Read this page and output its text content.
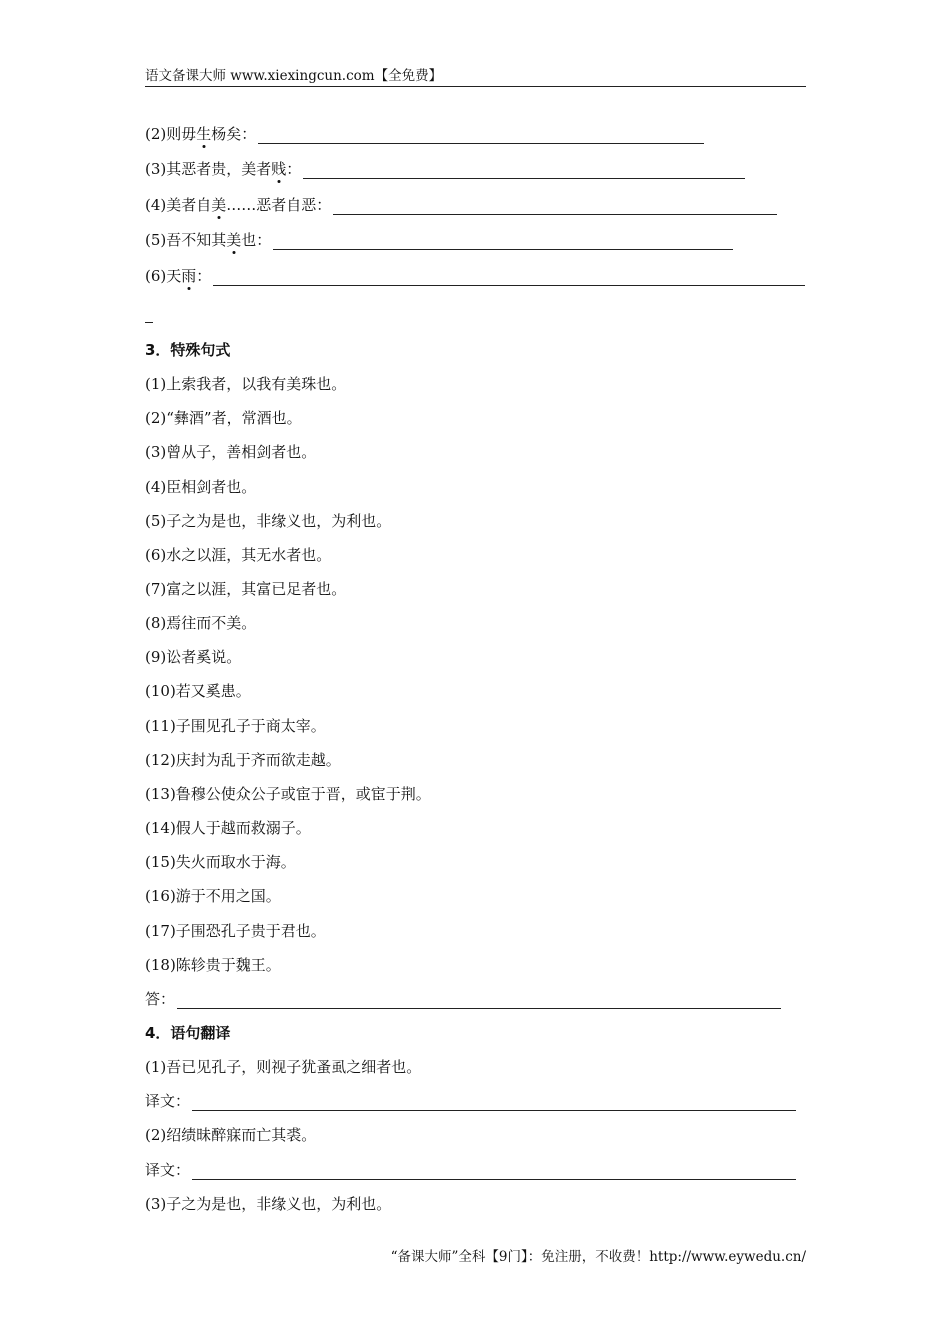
语文备课大师 www.xiexingcun.com【全免费】
(2)则毋 生 杨矣：
(3)其恶者贵，美者 贱 ：
(4)美者自 美 ……恶者自恶：
(5)吾不知其 美 也：
(6)天 雨 ：
3．特殊句式
(1)上索我者，以我有美珠也。
(2)“彝酒”者，常酒也。
(3)曾从子，善相剑者也。
(4)臣相剑者也。
(5)子之为是也，非缘义也，为利也。
(6)水之以涯，其无水者也。
(7)富之以涯，其富已足者也。
(8)焉往而不美。
(9)讼者奚说。
(10)若又奚患。
(11)子围见孔子于商太宰。
(12)庆封为乱于齐而欲走越。
(13)鲁穆公使众公子或宦于晋，或宦于荆。
(14)假人于越而救溺子。
(15)失火而取水于海。
(16)游于不用之国。
(17)子围恐孔子贵于君也。
(18)陈轸贵于魏王。
答：
4．语句翻译
(1)吾已见孔子，则视子犹蚤虱之细者也。
译文：
(2)绍绩昧醉寐而亡其裘。
译文：
(3)子之为是也，非缘义也，为利也。
“备课大师”全科【9门】：免注册，不收费！http://www.eywedu.cn/
